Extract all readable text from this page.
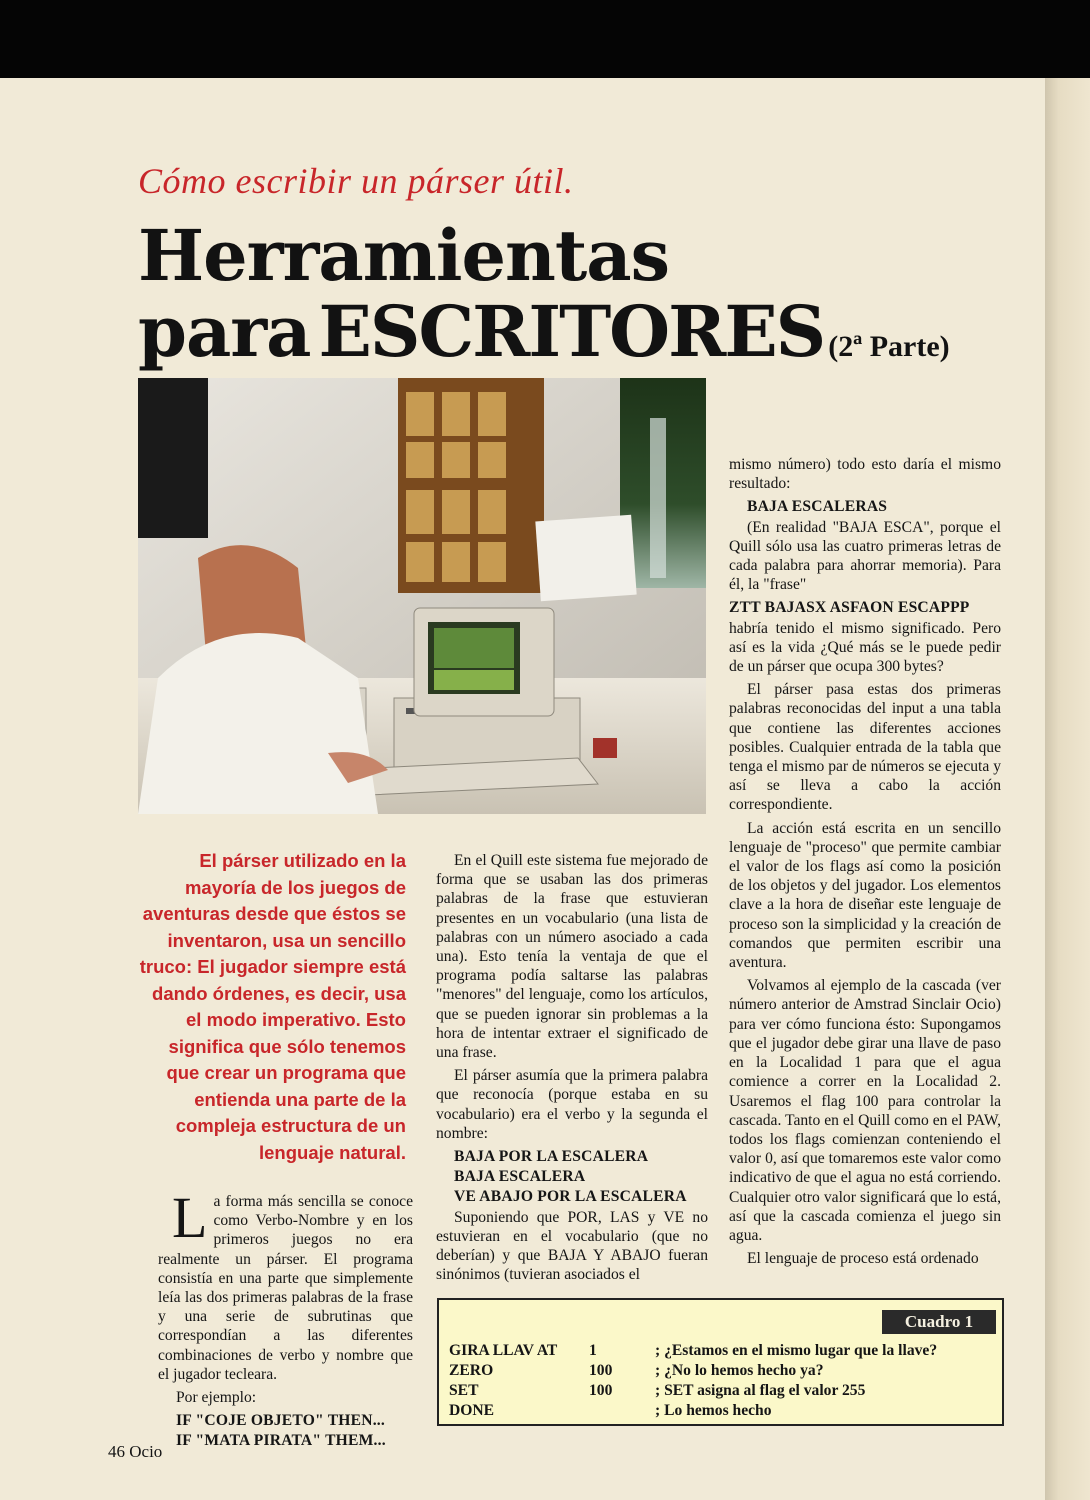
Cómo escribir un párser útil.
Herramientas
para ESCRITORES (2ª Parte)
El párser utilizado en la mayoría de los juegos de aventuras desde que éstos se inventaron, usa un sencillo truco: El jugador siempre está dando órdenes, es decir, usa el modo imperativo. Esto significa que sólo tenemos que crear un programa que entienda una parte de la compleja estructura de un lenguaje natural.

La forma más sencilla se conoce como Verbo-Nombre y en los primeros juegos no era realmente un párser. El programa consistía en una parte que simplemente leía las dos primeras palabras de la frase y una serie de subrutinas que correspondían a las diferentes combinaciones de verbo y nombre que el jugador tecleara.

Por ejemplo:

IF "COJE OBJETO" THEN...
IF "MATA PIRATA" THEM...

En el Quill este sistema fue mejorado de forma que se usaban las dos primeras palabras de la frase que estuvieran presentes en un vocabulario (una lista de palabras con un número asociado a cada una). Esto tenía la ventaja de que el programa podía saltarse las palabras "menores" del lenguaje, como los artículos, que se pueden ignorar sin problemas a la hora de intentar extraer el significado de una frase.

El párser asumía que la primera palabra que reconocía (porque estaba en su vocabulario) era el verbo y la segunda el nombre:

BAJA POR LA ESCALERA
BAJA ESCALERA
VE ABAJO POR LA ESCALERA

Suponiendo que POR, LAS y VE no estuvieran en el vocabulario (que no deberían) y que BAJA Y ABAJO fueran sinónimos (tuvieran asociados el

mismo número) todo esto daría el mismo resultado:

BAJA ESCALERAS

(En realidad "BAJA ESCA", porque el Quill sólo usa las cuatro primeras letras de cada palabra para ahorrar memoria). Para él, la "frase"

ZTT BAJASX ASFAON ESCAPPP

habría tenido el mismo significado. Pero así es la vida ¿Qué más se le puede pedir de un párser que ocupa 300 bytes?

El párser pasa estas dos primeras palabras reconocidas del input a una tabla que contiene las diferentes acciones posibles. Cualquier entrada de la tabla que tenga el mismo par de números se ejecuta y así se lleva a cabo la acción correspondiente.

La acción está escrita en un sencillo lenguaje de "proceso" que permite cambiar el valor de los flags así como la posición de los objetos y del jugador. Los elementos clave a la hora de diseñar este lenguaje de proceso son la simplicidad y la creación de comandos que permiten escribir una aventura.

Volvamos al ejemplo de la cascada (ver número anterior de Amstrad Sinclair Ocio) para ver cómo funciona ésto: Supongamos que el jugador debe girar una llave de paso en la Localidad 1 para que el agua comience a correr en la Localidad 2. Usaremos el flag 100 para controlar la cascada. Tanto en el Quill como en el PAW, todos los flags comienzan conteniendo el valor 0, así que tomaremos este valor como indicativo de que el agua no está corriendo. Cualquier otro valor significará que lo está, así que la cascada comienza el juego sin agua.

El lenguaje de proceso está ordenado

Cuadro 1
GIRA LLAV AT 1	; ¿Estamos en el mismo lugar que la llave?
ZERO	100	; ¿No lo hemos hecho ya?
SET	100	; SET asigna al flag el valor 255
DONE	; Lo hemos hecho
46 Ocio
